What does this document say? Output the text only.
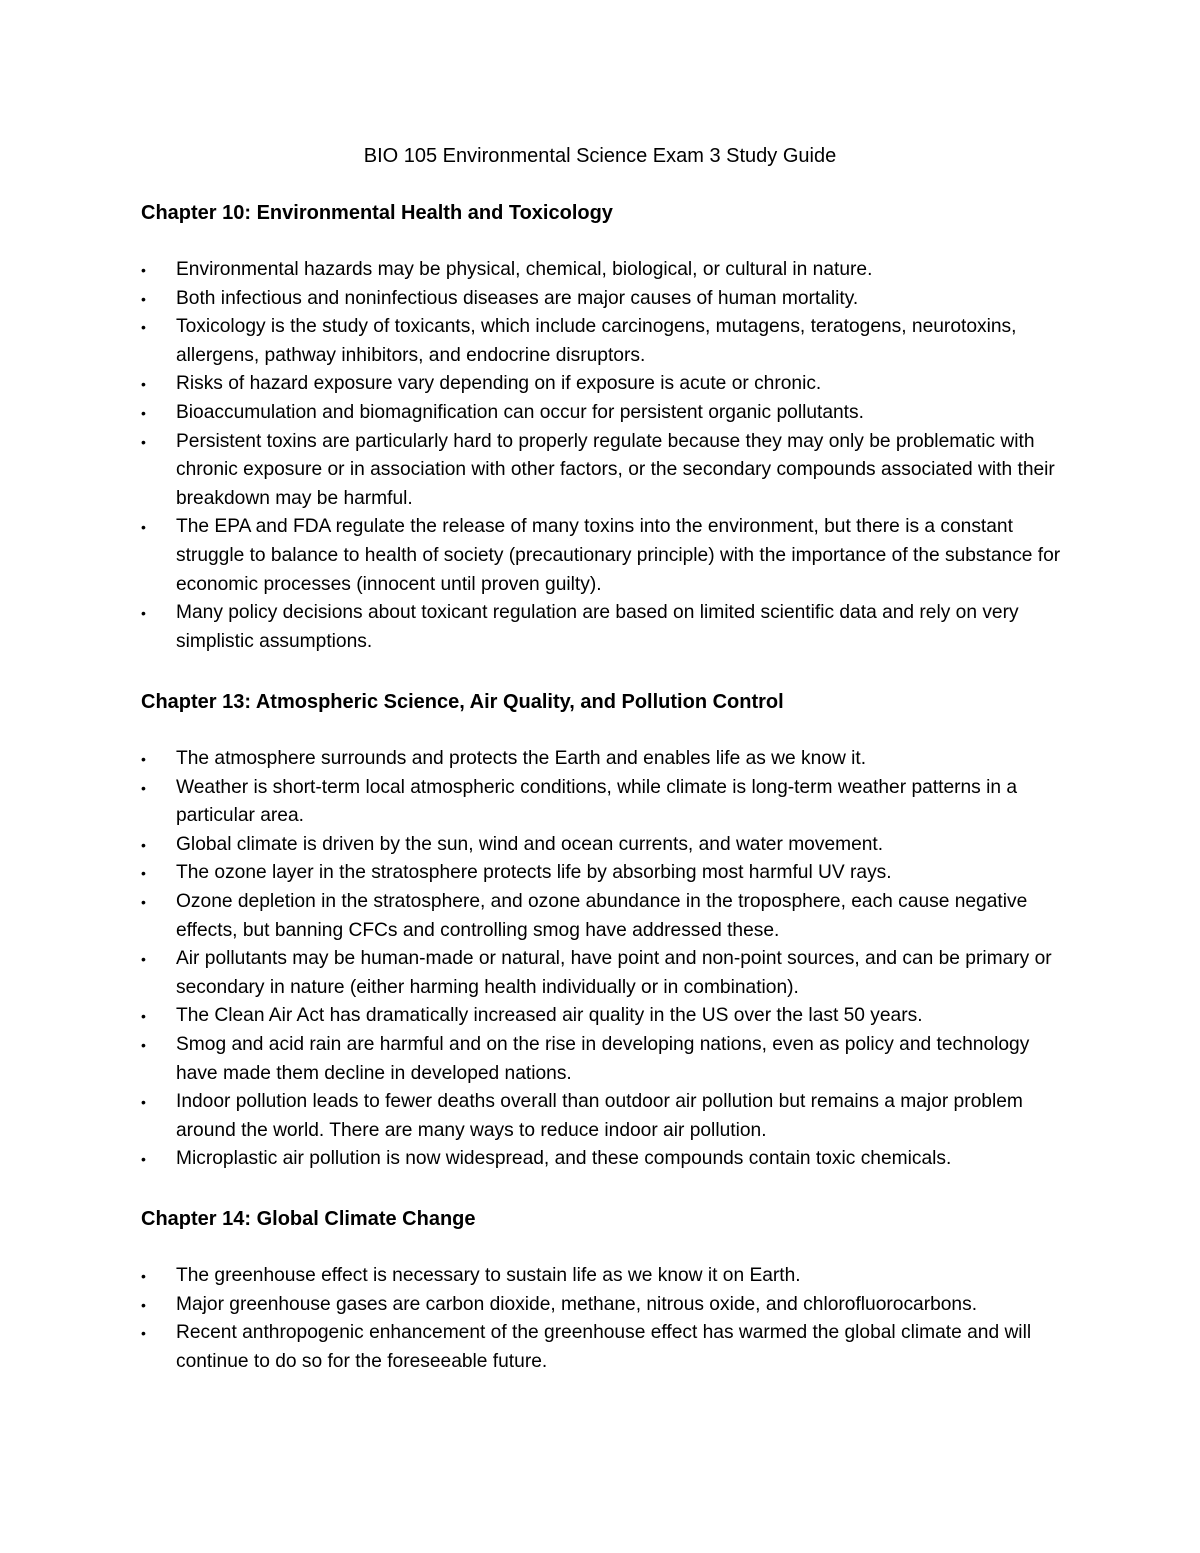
BIO 105 Environmental Science Exam 3 Study Guide
Chapter 10: Environmental Health and Toxicology
•	Environmental hazards may be physical, chemical, biological, or cultural in nature.
•	Both infectious and noninfectious diseases are major causes of human mortality.
•	Toxicology is the study of toxicants, which include carcinogens, mutagens, teratogens, neurotoxins, allergens, pathway inhibitors, and endocrine disruptors.
•	Risks of hazard exposure vary depending on if exposure is acute or chronic.
•	Bioaccumulation and biomagnification can occur for persistent organic pollutants.
•	Persistent toxins are particularly hard to properly regulate because they may only be problematic with chronic exposure or in association with other factors, or the secondary compounds associated with their breakdown may be harmful.
•	The EPA and FDA regulate the release of many toxins into the environment, but there is a constant struggle to balance to health of society (precautionary principle) with the importance of the substance for economic processes (innocent until proven guilty).
•	Many policy decisions about toxicant regulation are based on limited scientific data and rely on very simplistic assumptions.
Chapter 13: Atmospheric Science, Air Quality, and Pollution Control
•	The atmosphere surrounds and protects the Earth and enables life as we know it.
•	Weather is short-term local atmospheric conditions, while climate is long-term weather patterns in a particular area.
•	Global climate is driven by the sun, wind and ocean currents, and water movement.
•	The ozone layer in the stratosphere protects life by absorbing most harmful UV rays.
•	Ozone depletion in the stratosphere, and ozone abundance in the troposphere, each cause negative effects, but banning CFCs and controlling smog have addressed these.
•	Air pollutants may be human-made or natural, have point and non-point sources, and can be primary or secondary in nature (either harming health individually or in combination).
•	The Clean Air Act has dramatically increased air quality in the US over the last 50 years.
•	Smog and acid rain are harmful and on the rise in developing nations, even as policy and technology have made them decline in developed nations.
•	Indoor pollution leads to fewer deaths overall than outdoor air pollution but remains a major problem around the world. There are many ways to reduce indoor air pollution.
•	Microplastic air pollution is now widespread, and these compounds contain toxic chemicals.
Chapter 14: Global Climate Change
•	The greenhouse effect is necessary to sustain life as we know it on Earth.
•	Major greenhouse gases are carbon dioxide, methane, nitrous oxide, and chlorofluorocarbons.
•	Recent anthropogenic enhancement of the greenhouse effect has warmed the global climate and will continue to do so for the foreseeable future.
